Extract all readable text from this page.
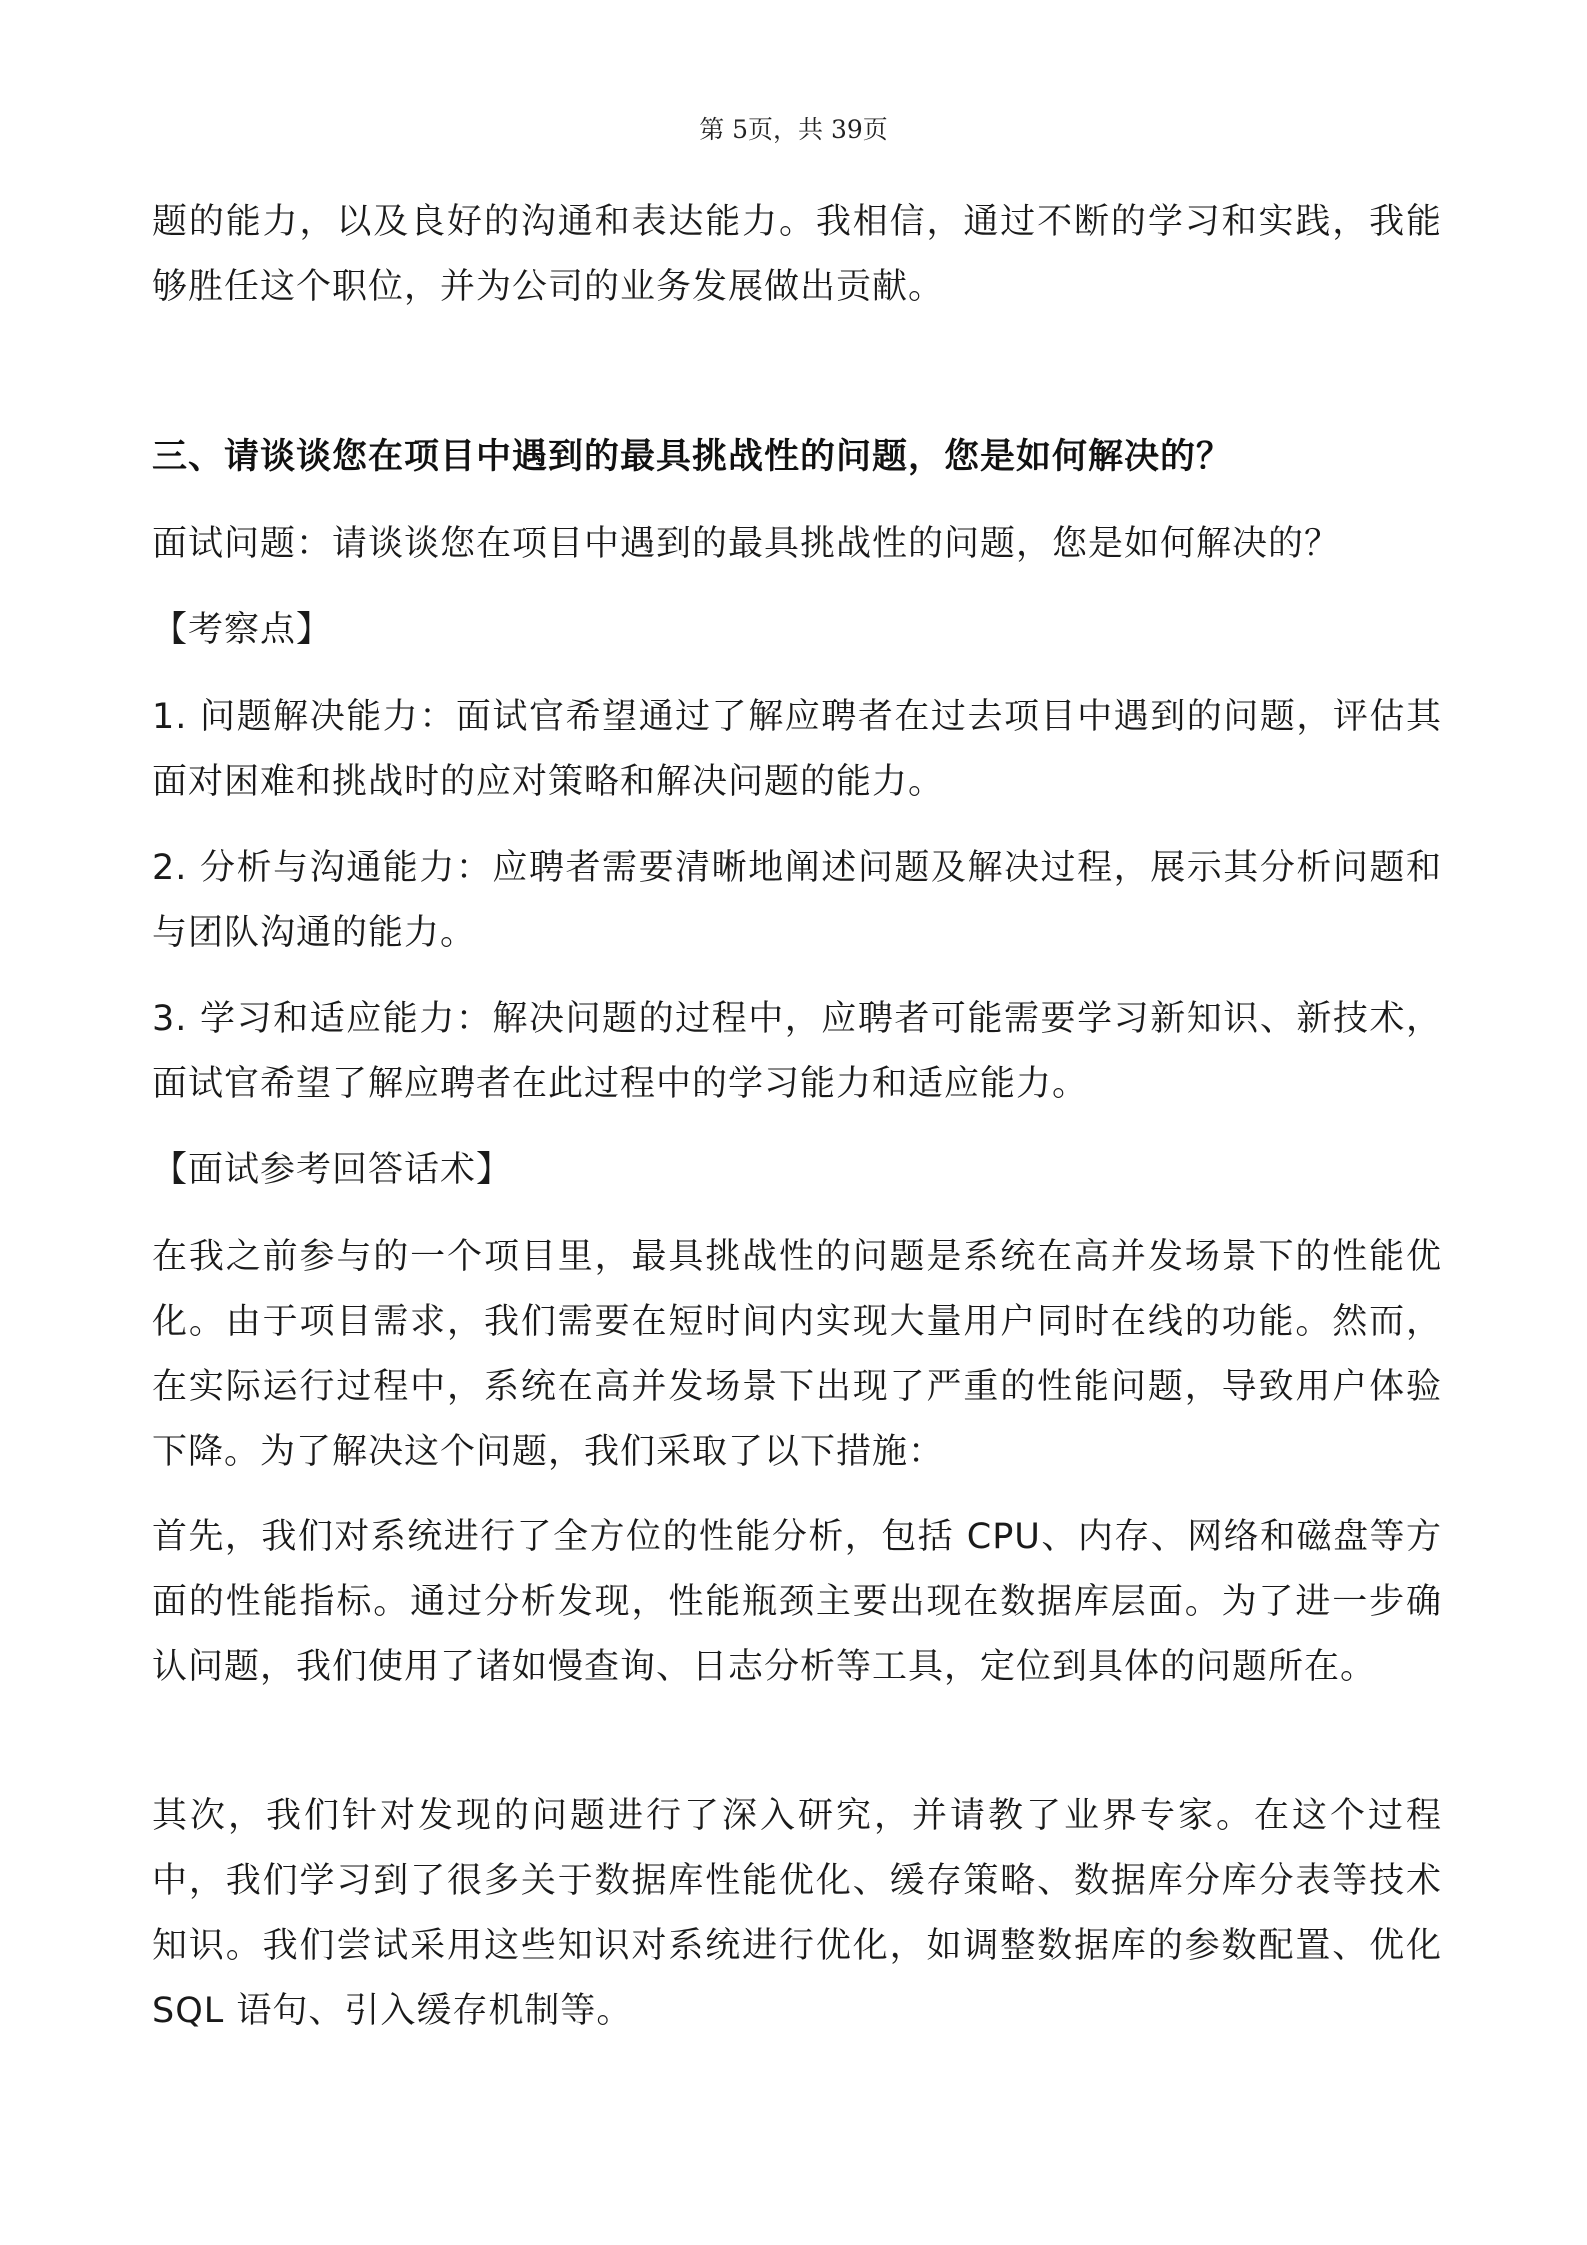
第 5页，共 39页

题的能力，以及良好的沟通和表达能力。我相信，通过不断的学习和实践，我能够胜任这个职位，并为公司的业务发展做出贡献。

三、请谈谈您在项目中遇到的最具挑战性的问题，您是如何解决的？

面试问题：请谈谈您在项目中遇到的最具挑战性的问题，您是如何解决的？

【考察点】

1. 问题解决能力：面试官希望通过了解应聘者在过去项目中遇到的问题，评估其面对困难和挑战时的应对策略和解决问题的能力。

2. 分析与沟通能力：应聘者需要清晰地阐述问题及解决过程，展示其分析问题和与团队沟通的能力。

3. 学习和适应能力：解决问题的过程中，应聘者可能需要学习新知识、新技术，面试官希望了解应聘者在此过程中的学习能力和适应能力。

【面试参考回答话术】

在我之前参与的一个项目里，最具挑战性的问题是系统在高并发场景下的性能优化。由于项目需求，我们需要在短时间内实现大量用户同时在线的功能。然而，在实际运行过程中，系统在高并发场景下出现了严重的性能问题，导致用户体验下降。为了解决这个问题，我们采取了以下措施：

首先，我们对系统进行了全方位的性能分析，包括 CPU、内存、网络和磁盘等方面的性能指标。通过分析发现，性能瓶颈主要出现在数据库层面。为了进一步确认问题，我们使用了诸如慢查询、日志分析等工具，定位到具体的问题所在。

其次，我们针对发现的问题进行了深入研究，并请教了业界专家。在这个过程中，我们学习到了很多关于数据库性能优化、缓存策略、数据库分库分表等技术知识。我们尝试采用这些知识对系统进行优化，如调整数据库的参数配置、优化 SQL 语句、引入缓存机制等。
